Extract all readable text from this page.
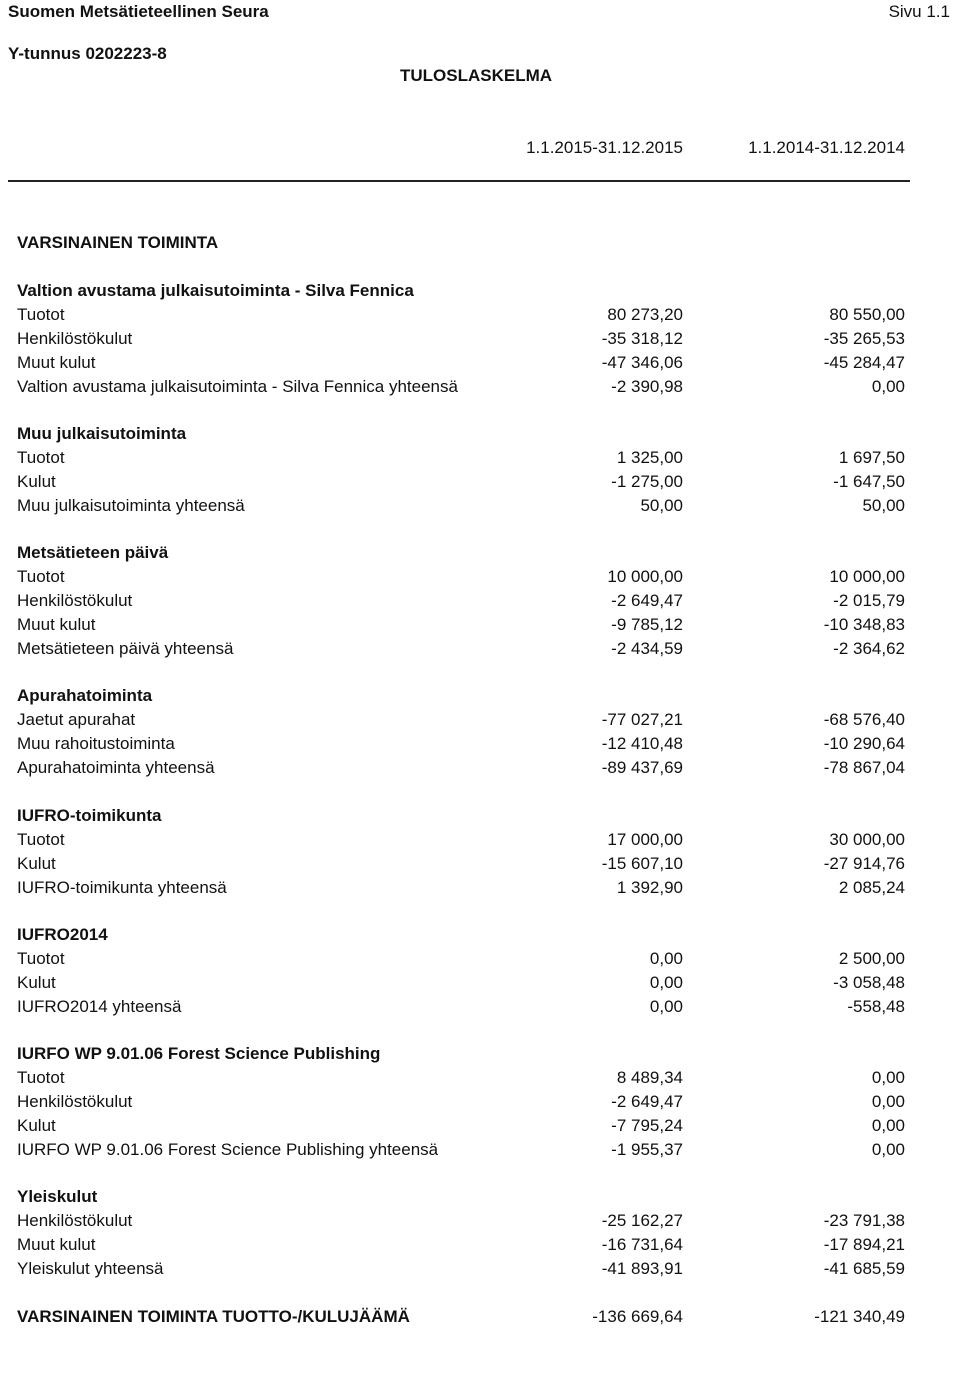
Suomen Metsätieteellinen Seura	Sivu 1.1
Y-tunnus 0202223-8
TULOSLASKELMA
1.1.2015-31.12.2015	1.1.2014-31.12.2014
VARSINAINEN TOIMINTA
Valtion avustama julkaisutoiminta - Silva Fennica
Tuotot	80 273,20	80 550,00
Henkilöstökulut	-35 318,12	-35 265,53
Muut kulut	-47 346,06	-45 284,47
Valtion avustama julkaisutoiminta - Silva Fennica yhteensä	-2 390,98	0,00
Muu julkaisutoiminta
Tuotot	1 325,00	1 697,50
Kulut	-1 275,00	-1 647,50
Muu julkaisutoiminta yhteensä	50,00	50,00
Metsätieteen päivä
Tuotot	10 000,00	10 000,00
Henkilöstökulut	-2 649,47	-2 015,79
Muut kulut	-9 785,12	-10 348,83
Metsätieteen päivä yhteensä	-2 434,59	-2 364,62
Apurahatoiminta
Jaetut apurahat	-77 027,21	-68 576,40
Muu rahoitustoiminta	-12 410,48	-10 290,64
Apurahatoiminta yhteensä	-89 437,69	-78 867,04
IUFRO-toimikunta
Tuotot	17 000,00	30 000,00
Kulut	-15 607,10	-27 914,76
IUFRO-toimikunta yhteensä	1 392,90	2 085,24
IUFRO2014
Tuotot	0,00	2 500,00
Kulut	0,00	-3 058,48
IUFRO2014 yhteensä	0,00	-558,48
IURFO WP 9.01.06 Forest Science Publishing
Tuotot	8 489,34	0,00
Henkilöstökulut	-2 649,47	0,00
Kulut	-7 795,24	0,00
IURFO WP 9.01.06 Forest Science Publishing yhteensä	-1 955,37	0,00
Yleiskulut
Henkilöstökulut	-25 162,27	-23 791,38
Muut kulut	-16 731,64	-17 894,21
Yleiskulut yhteensä	-41 893,91	-41 685,59
VARSINAINEN TOIMINTA TUOTTO-/KULUJÄÄMÄ	-136 669,64	-121 340,49
